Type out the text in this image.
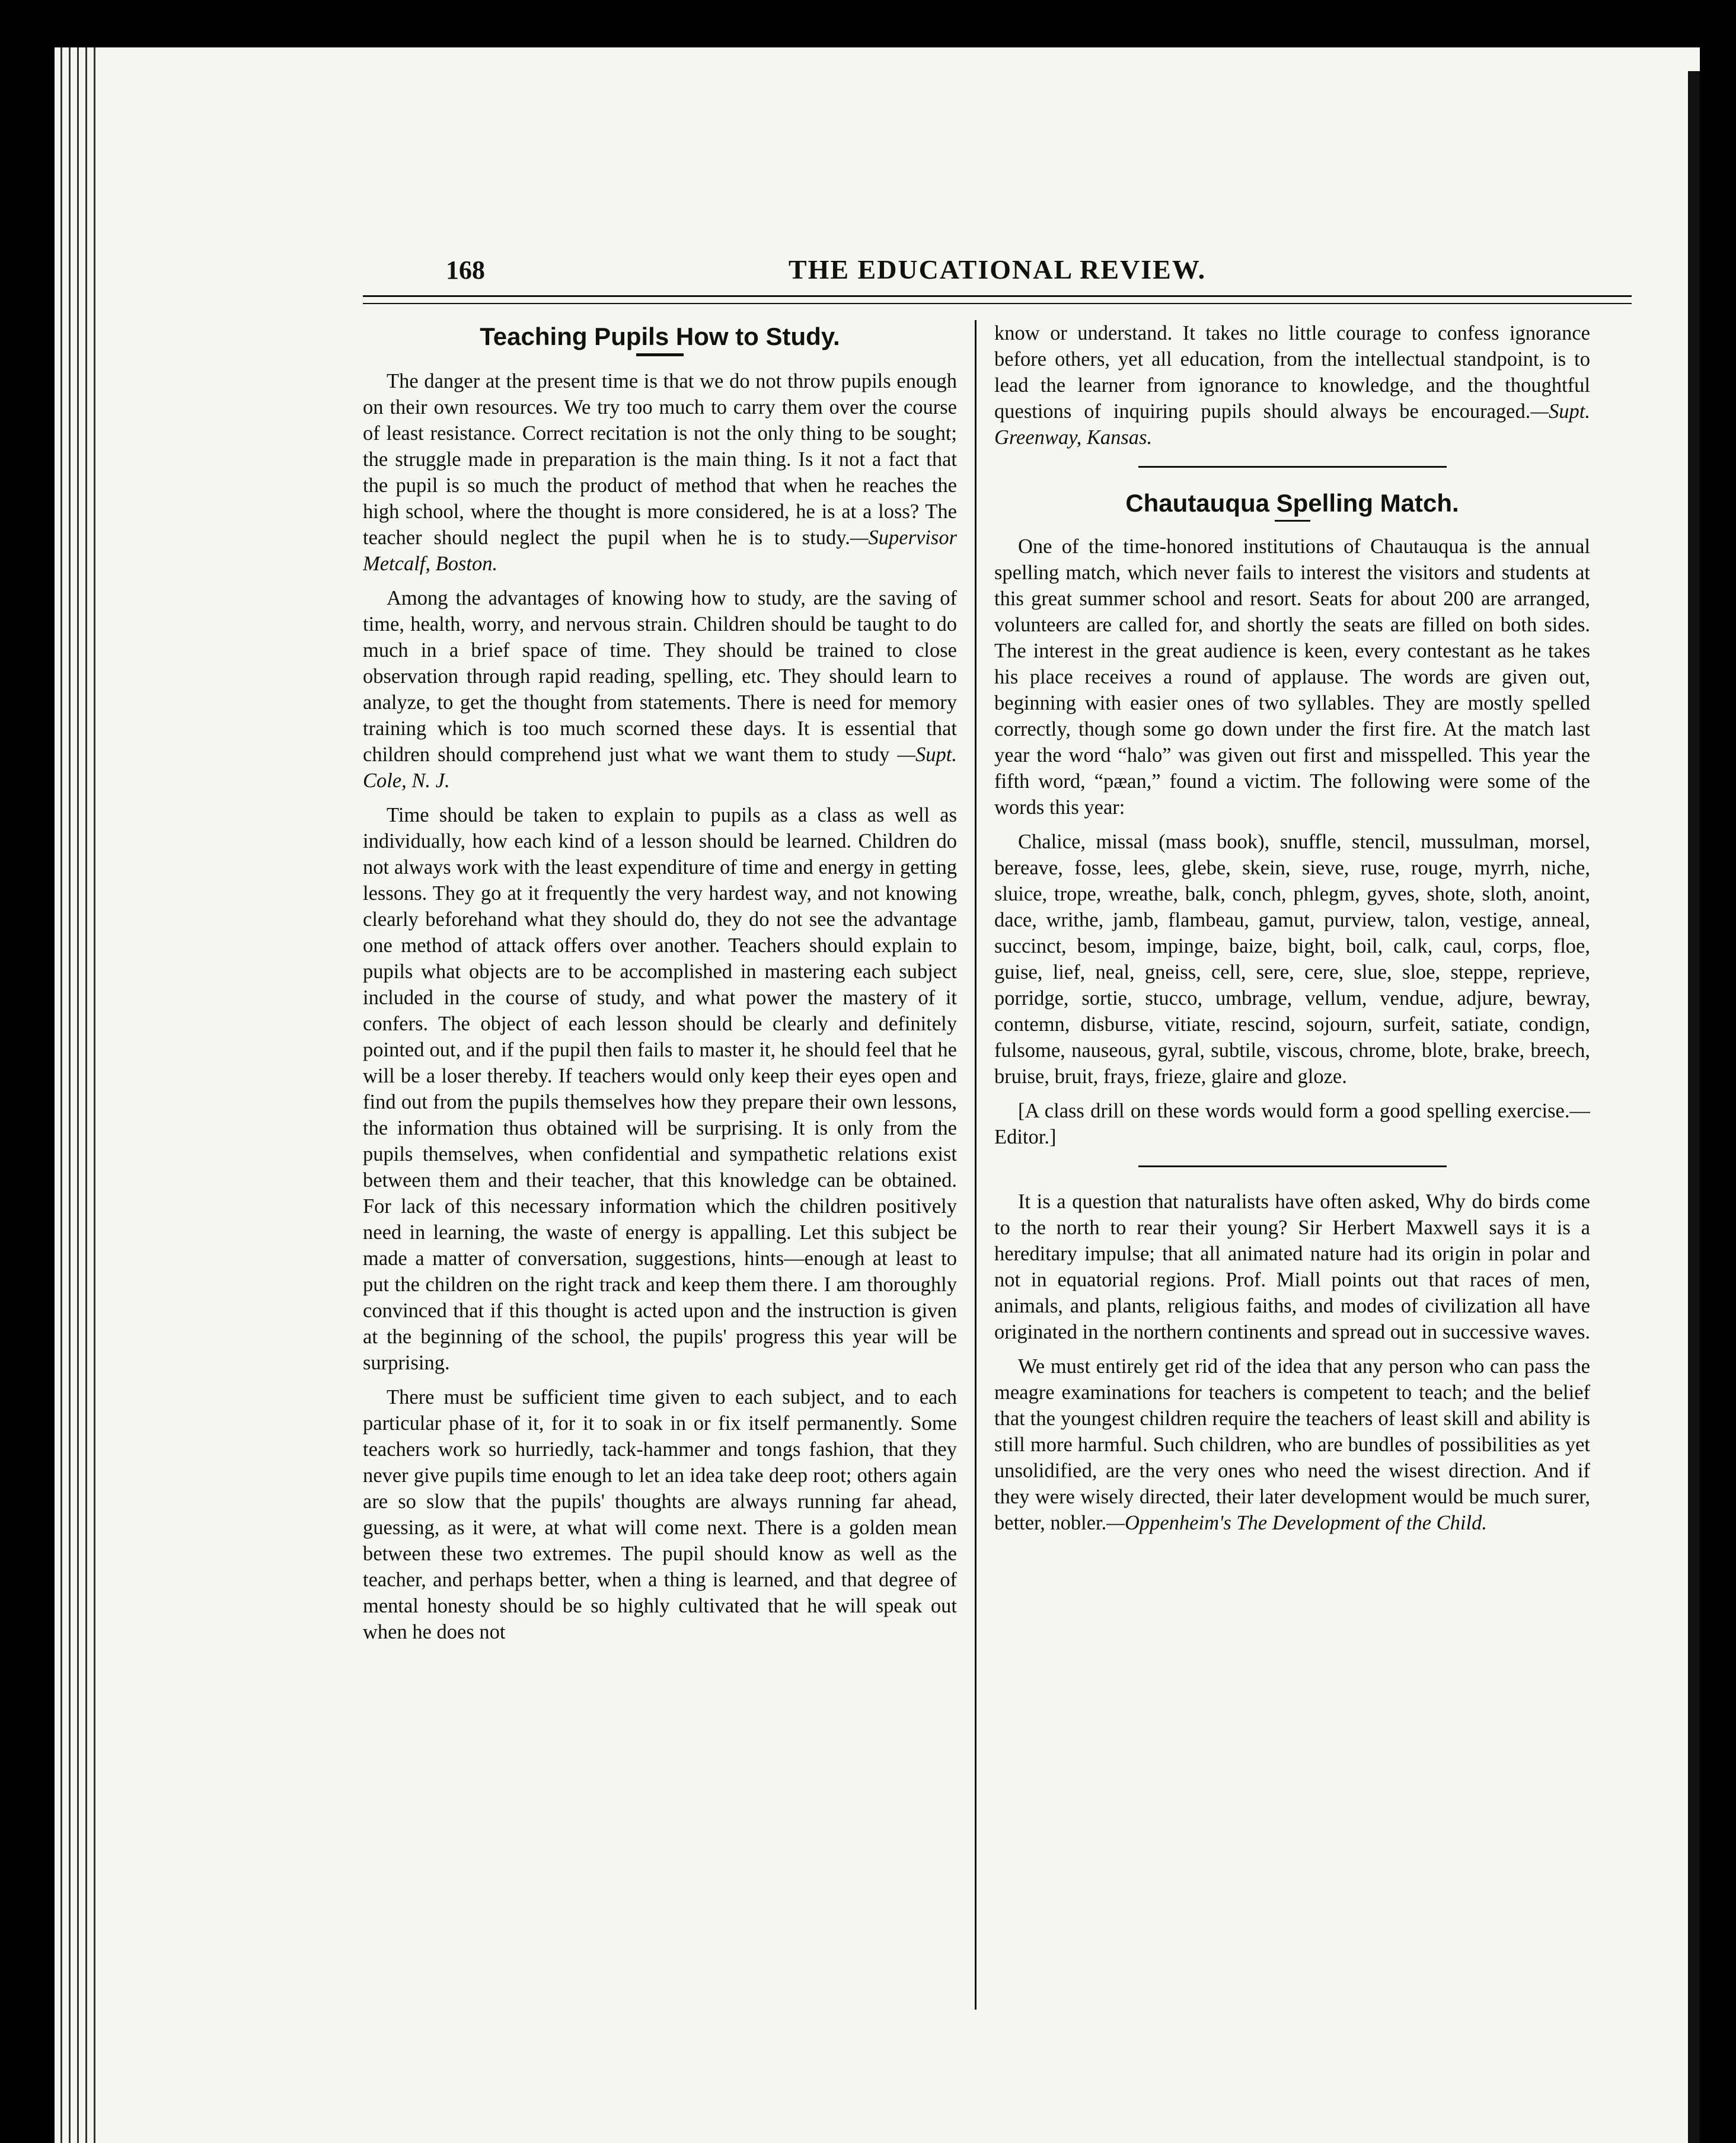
168	THE EDUCATIONAL REVIEW.
Teaching Pupils How to Study.

The danger at the present time is that we do not throw pupils enough on their own resources. We try too much to carry them over the course of least resistance. Correct recitation is not the only thing to be sought; the struggle made in preparation is the main thing. Is it not a fact that the pupil is so much the product of method that when he reaches the high school, where the thought is more considered, he is at a loss? The teacher should neglect the pupil when he is to study.—Supervisor Metcalf, Boston.

Among the advantages of knowing how to study, are the saving of time, health, worry, and nervous strain. Children should be taught to do much in a brief space of time. They should be trained to close observation through rapid reading, spelling, etc. They should learn to analyze, to get the thought from statements. There is need for memory training which is too much scorned these days. It is essential that children should comprehend just what we want them to study —Supt. Cole, N. J.

Time should be taken to explain to pupils as a class as well as individually, how each kind of a lesson should be learned. Children do not always work with the least expenditure of time and energy in getting lessons. They go at it frequently the very hardest way, and not knowing clearly beforehand what they should do, they do not see the advantage one method of attack offers over another. Teachers should explain to pupils what objects are to be accomplished in mastering each subject included in the course of study, and what power the mastery of it confers. The object of each lesson should be clearly and definitely pointed out, and if the pupil then fails to master it, he should feel that he will be a loser thereby. If teachers would only keep their eyes open and find out from the pupils themselves how they prepare their own lessons, the information thus obtained will be surprising. It is only from the pupils themselves, when confidential and sympathetic relations exist between them and their teacher, that this knowledge can be obtained. For lack of this necessary information which the children positively need in learning, the waste of energy is appalling. Let this subject be made a matter of conversation, suggestions, hints—enough at least to put the children on the right track and keep them there. I am thoroughly convinced that if this thought is acted upon and the instruction is given at the beginning of the school, the pupils' progress this year will be surprising.

There must be sufficient time given to each subject, and to each particular phase of it, for it to soak in or fix itself permanently. Some teachers work so hurriedly, tack-hammer and tongs fashion, that they never give pupils time enough to let an idea take deep root; others again are so slow that the pupils' thoughts are always running far ahead, guessing, as it were, at what will come next. There is a golden mean between these two extremes. The pupil should know as well as the teacher, and perhaps better, when a thing is learned, and that degree of mental honesty should be so highly cultivated that he will speak out when he does not

know or understand. It takes no little courage to confess ignorance before others, yet all education, from the intellectual standpoint, is to lead the learner from ignorance to knowledge, and the thoughtful questions of inquiring pupils should always be encouraged.—Supt. Greenway, Kansas.

Chautauqua Spelling Match.

One of the time-honored institutions of Chautauqua is the annual spelling match, which never fails to interest the visitors and students at this great summer school and resort. Seats for about 200 are arranged, volunteers are called for, and shortly the seats are filled on both sides. The interest in the great audience is keen, every contestant as he takes his place receives a round of applause. The words are given out, beginning with easier ones of two syllables. They are mostly spelled correctly, though some go down under the first fire. At the match last year the word “halo” was given out first and misspelled. This year the fifth word, “pæan,” found a victim. The following were some of the words this year:

Chalice, missal (mass book), snuffle, stencil, mussulman, morsel, bereave, fosse, lees, glebe, skein, sieve, ruse, rouge, myrrh, niche, sluice, trope, wreathe, balk, conch, phlegm, gyves, shote, sloth, anoint, dace, writhe, jamb, flambeau, gamut, purview, talon, vestige, anneal, succinct, besom, impinge, baize, bight, boil, calk, caul, corps, floe, guise, lief, neal, gneiss, cell, sere, cere, slue, sloe, steppe, reprieve, porridge, sortie, stucco, umbrage, vellum, vendue, adjure, bewray, contemn, disburse, vitiate, rescind, sojourn, surfeit, satiate, condign, fulsome, nauseous, gyral, subtile, viscous, chrome, blote, brake, breech, bruise, bruit, frays, frieze, glaire and gloze.

[A class drill on these words would form a good spelling exercise.—Editor.]

It is a question that naturalists have often asked, Why do birds come to the north to rear their young? Sir Herbert Maxwell says it is a hereditary impulse; that all animated nature had its origin in polar and not in equatorial regions. Prof. Miall points out that races of men, animals, and plants, religious faiths, and modes of civilization all have originated in the northern continents and spread out in successive waves.

We must entirely get rid of the idea that any person who can pass the meagre examinations for teachers is competent to teach; and the belief that the youngest children require the teachers of least skill and ability is still more harmful. Such children, who are bundles of possibilities as yet unsolidified, are the very ones who need the wisest direction. And if they were wisely directed, their later development would be much surer, better, nobler.—Oppenheim's The Development of the Child.
